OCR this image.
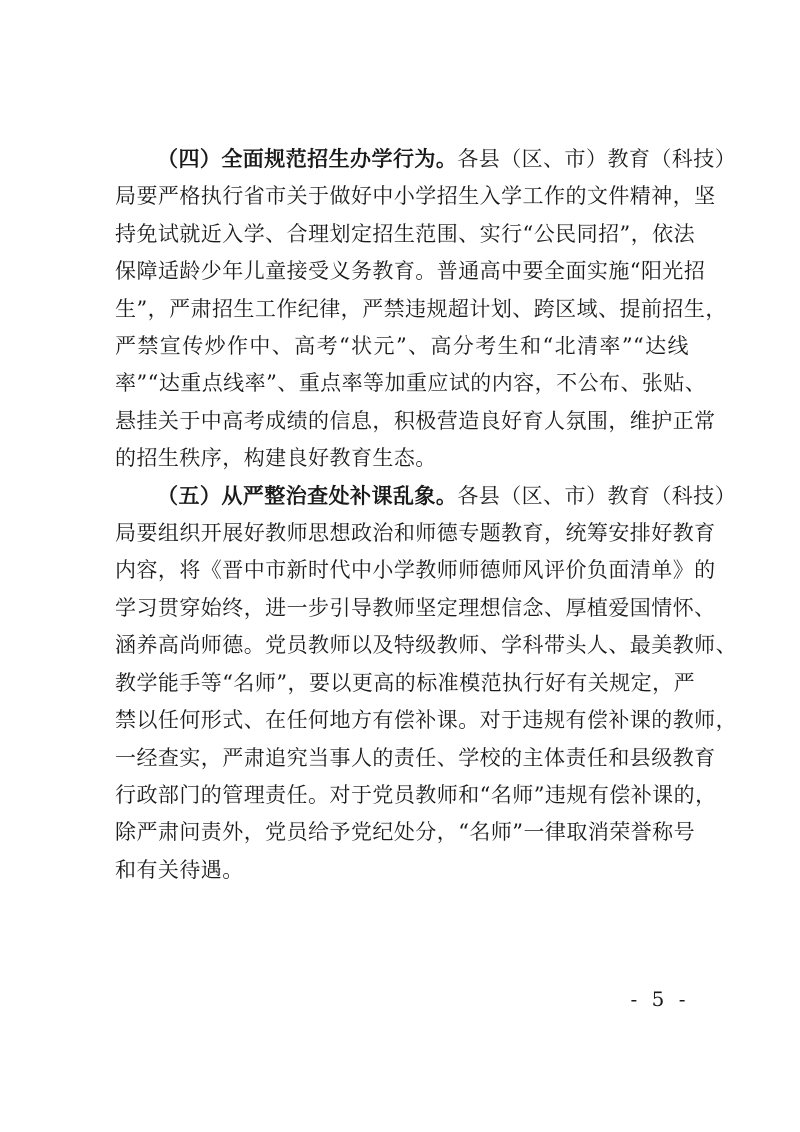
（四）全面规范招生办学行为。各县（区、市）教育（科技）
局要严格执行省市关于做好中小学招生入学工作的文件精神，坚
持免试就近入学、合理划定招生范围、实行“公民同招”，依法
保障适龄少年儿童接受义务教育。普通高中要全面实施“阳光招
生”，严肃招生工作纪律，严禁违规超计划、跨区域、提前招生，
严禁宣传炒作中、高考“状元”、高分考生和“北清率”“达线
率”“达重点线率”、重点率等加重应试的内容，不公布、张贴、
悬挂关于中高考成绩的信息，积极营造良好育人氛围，维护正常
的招生秩序，构建良好教育生态。

（五）从严整治查处补课乱象。各县（区、市）教育（科技）
局要组织开展好教师思想政治和师德专题教育，统筹安排好教育
内容，将《晋中市新时代中小学教师师德师风评价负面清单》的
学习贯穿始终，进一步引导教师坚定理想信念、厚植爱国情怀、
涵养高尚师德。党员教师以及特级教师、学科带头人、最美教师、
教学能手等“名师”，要以更高的标准模范执行好有关规定，严
禁以任何形式、在任何地方有偿补课。对于违规有偿补课的教师，
一经查实，严肃追究当事人的责任、学校的主体责任和县级教育
行政部门的管理责任。对于党员教师和“名师”违规有偿补课的，
除严肃问责外，党员给予党纪处分，“名师”一律取消荣誉称号
和有关待遇。

- 5 -
